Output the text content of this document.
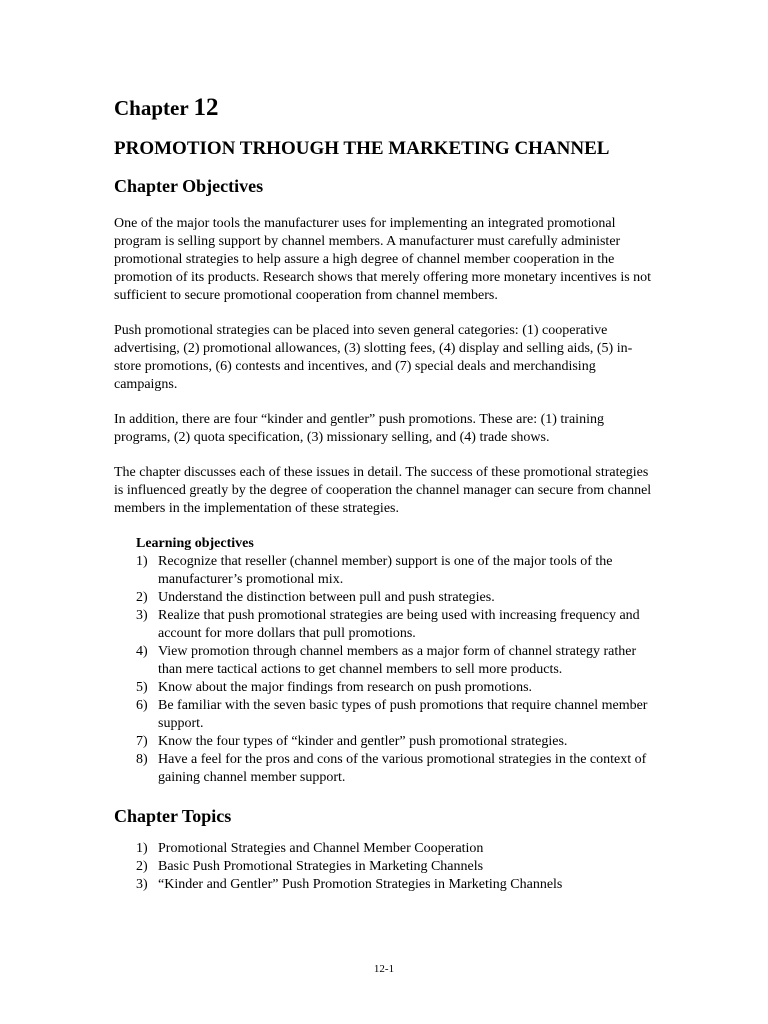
Chapter 12
PROMOTION TRHOUGH THE MARKETING CHANNEL
Chapter Objectives

One of the major tools the manufacturer uses for implementing an integrated promotional program is selling support by channel members. A manufacturer must carefully administer promotional strategies to help assure a high degree of channel member cooperation in the promotion of its products. Research shows that merely offering more monetary incentives is not sufficient to secure promotional cooperation from channel members.

Push promotional strategies can be placed into seven general categories: (1) cooperative advertising, (2) promotional allowances, (3) slotting fees, (4) display and selling aids, (5) in-store promotions, (6) contests and incentives, and (7) special deals and merchandising campaigns.

In addition, there are four “kinder and gentler” push promotions. These are: (1) training programs, (2) quota specification, (3) missionary selling, and (4) trade shows.

The chapter discusses each of these issues in detail. The success of these promotional strategies is influenced greatly by the degree of cooperation the channel manager can secure from channel members in the implementation of these strategies.

Learning objectives
1) Recognize that reseller (channel member) support is one of the major tools of the manufacturer’s promotional mix.
2) Understand the distinction between pull and push strategies.
3) Realize that push promotional strategies are being used with increasing frequency and account for more dollars that pull promotions.
4) View promotion through channel members as a major form of channel strategy rather than mere tactical actions to get channel members to sell more products.
5) Know about the major findings from research on push promotions.
6) Be familiar with the seven basic types of push promotions that require channel member support.
7) Know the four types of “kinder and gentler” push promotional strategies.
8) Have a feel for the pros and cons of the various promotional strategies in the context of gaining channel member support.
Chapter Topics
1) Promotional Strategies and Channel Member Cooperation
2) Basic Push Promotional Strategies in Marketing Channels
3) “Kinder and Gentler” Push Promotion Strategies in Marketing Channels
12-1
